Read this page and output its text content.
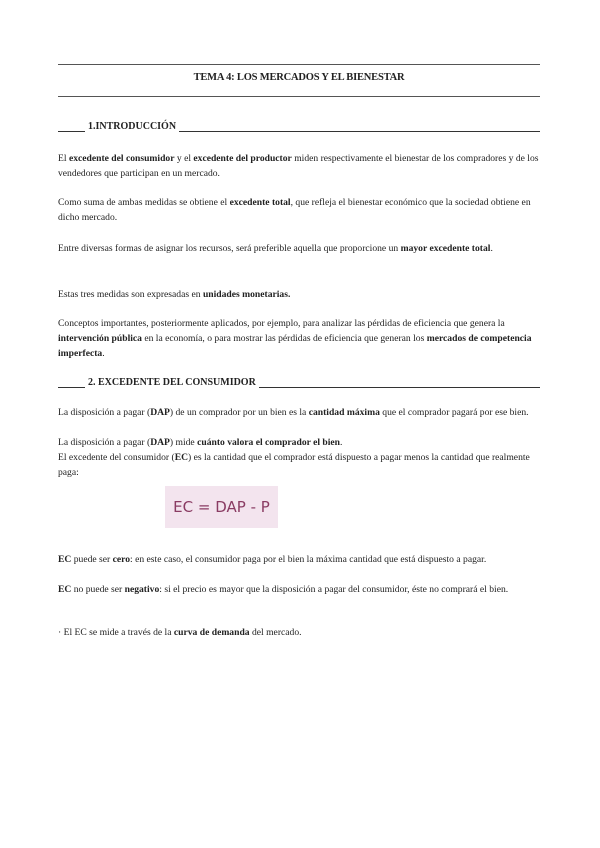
TEMA 4: LOS MERCADOS Y EL BIENESTAR
1.INTRODUCCIÓN
El excedente del consumidor y el excedente del productor miden respectivamente el bienestar de los compradores y de los vendedores que participan en un mercado.
Como suma de ambas medidas se obtiene el excedente total, que refleja el bienestar económico que la sociedad obtiene en dicho mercado.
Entre diversas formas de asignar los recursos, será preferible aquella que proporcione un mayor excedente total.
Estas tres medidas son expresadas en unidades monetarias.
Conceptos importantes, posteriormente aplicados, por ejemplo, para analizar las pérdidas de eficiencia que genera la intervención pública en la economía, o para mostrar las pérdidas de eficiencia que generan los mercados de competencia imperfecta.
2. EXCEDENTE DEL CONSUMIDOR
La disposición a pagar (DAP) de un comprador por un bien es la cantidad máxima que el comprador pagará por ese bien.
La disposición a pagar (DAP) mide cuánto valora el comprador el bien.
El excedente del consumidor (EC) es la cantidad que el comprador está dispuesto a pagar menos la cantidad que realmente paga:
EC = DAP - P
EC puede ser cero: en este caso, el consumidor paga por el bien la máxima cantidad que está dispuesto a pagar.
EC no puede ser negativo: si el precio es mayor que la disposición a pagar del consumidor, éste no comprará el bien.
· El EC se mide a través de la curva de demanda del mercado.
